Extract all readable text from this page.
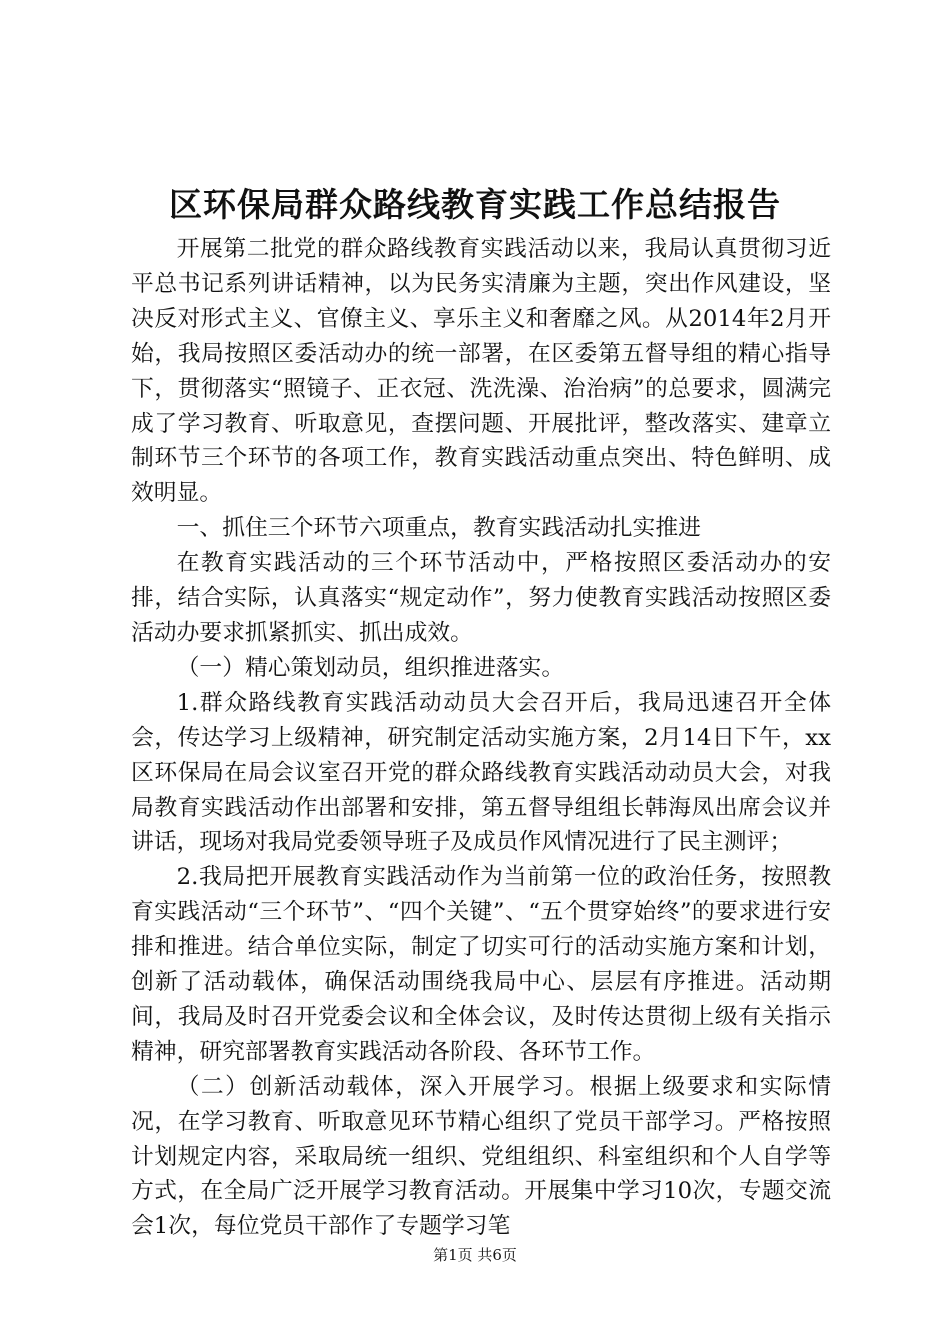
区环保局群众路线教育实践工作总结报告

开展第二批党的群众路线教育实践活动以来，我局认真贯彻习近平总书记系列讲话精神，以为民务实清廉为主题，突出作风建设，坚决反对形式主义、官僚主义、享乐主义和奢靡之风。从2014年2月开始，我局按照区委活动办的统一部署，在区委第五督导组的精心指导下，贯彻落实“照镜子、正衣冠、洗洗澡、治治病”的总要求，圆满完成了学习教育、听取意见，查摆问题、开展批评，整改落实、建章立制环节三个环节的各项工作，教育实践活动重点突出、特色鲜明、成效明显。

一、抓住三个环节六项重点，教育实践活动扎实推进

在教育实践活动的三个环节活动中，严格按照区委活动办的安排，结合实际，认真落实“规定动作”，努力使教育实践活动按照区委活动办要求抓紧抓实、抓出成效。

（一）精心策划动员，组织推进落实。

1.群众路线教育实践活动动员大会召开后，我局迅速召开全体会，传达学习上级精神，研究制定活动实施方案，2月14日下午，xx区环保局在局会议室召开党的群众路线教育实践活动动员大会，对我局教育实践活动作出部署和安排，第五督导组组长韩海凤出席会议并讲话，现场对我局党委领导班子及成员作风情况进行了民主测评；

2.我局把开展教育实践活动作为当前第一位的政治任务，按照教育实践活动“三个环节”、“四个关键”、“五个贯穿始终”的要求进行安排和推进。结合单位实际，制定了切实可行的活动实施方案和计划，创新了活动载体，确保活动围绕我局中心、层层有序推进。活动期间，我局及时召开党委会议和全体会议，及时传达贯彻上级有关指示精神，研究部署教育实践活动各阶段、各环节工作。

（二）创新活动载体，深入开展学习。根据上级要求和实际情况，在学习教育、听取意见环节精心组织了党员干部学习。严格按照计划规定内容，采取局统一组织、党组组织、科室组织和个人自学等方式，在全局广泛开展学习教育活动。开展集中学习10次，专题交流会1次，每位党员干部作了专题学习笔

第1页 共6页
